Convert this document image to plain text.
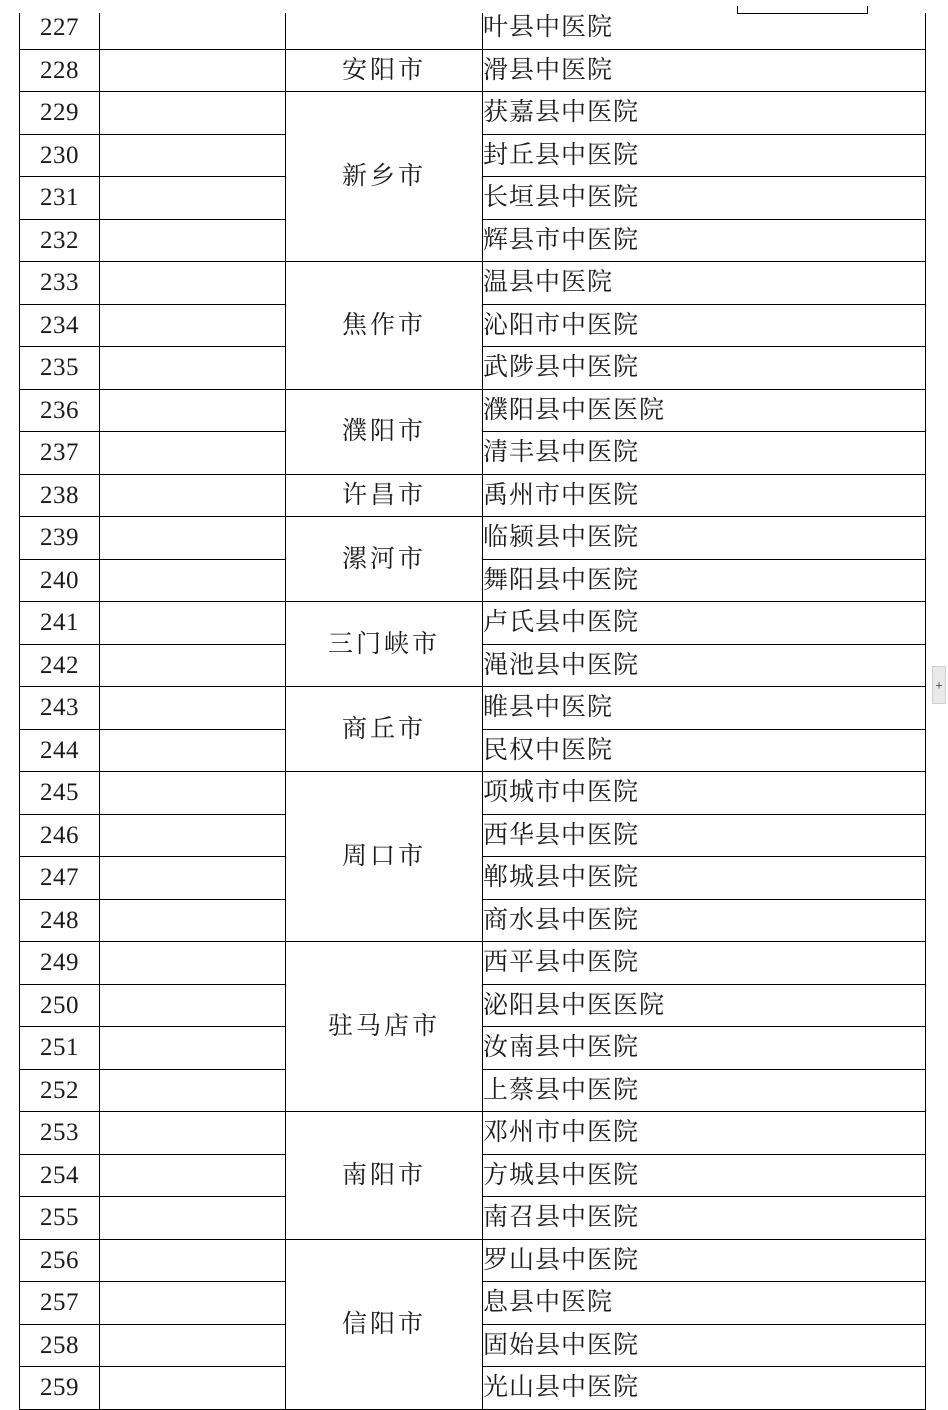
227			叶县中医院
228		安阳市	滑县中医院
229		新乡市	获嘉县中医院
230			封丘县中医院
231			长垣县中医院
232			辉县市中医院
233		焦作市	温县中医院
234			沁阳市中医院
235			武陟县中医院
236		濮阳市	濮阳县中医医院
237			清丰县中医院
238		许昌市	禹州市中医院
239		漯河市	临颍县中医院
240			舞阳县中医院
241		三门峡市	卢氏县中医院
242			渑池县中医院
243		商丘市	睢县中医院
244			民权中医院
245		周口市	项城市中医院
246			西华县中医院
247			郸城县中医院
248			商水县中医院
249		驻马店市	西平县中医院
250			泌阳县中医医院
251			汝南县中医院
252			上蔡县中医院
253		南阳市	邓州市中医院
254			方城县中医院
255			南召县中医院
256		信阳市	罗山县中医院
257			息县中医院
258			固始县中医院
259			光山县中医院
+
